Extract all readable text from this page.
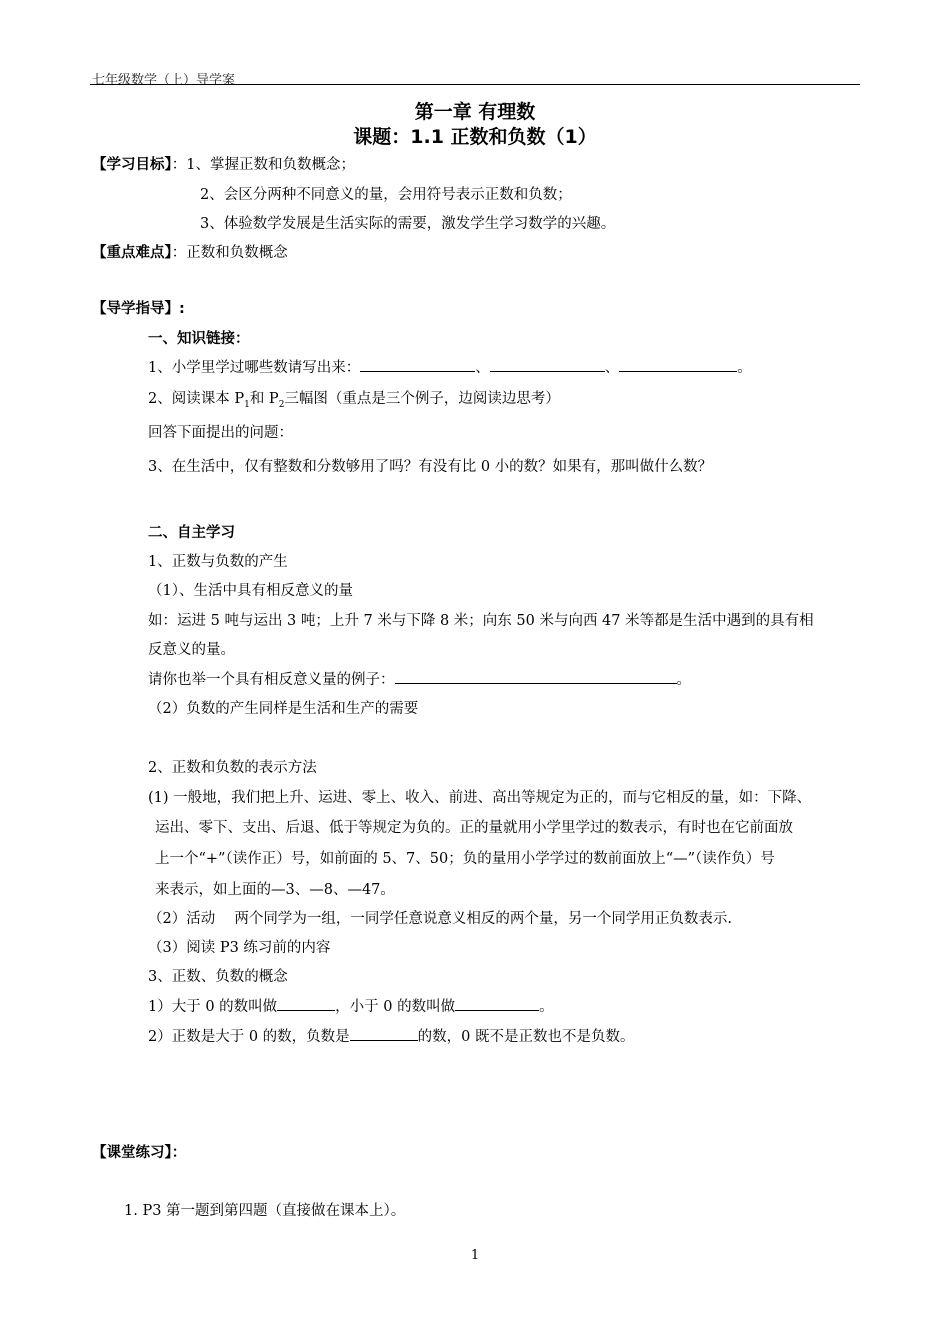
七年级数学（上）导学案
第一章 有理数
课题：1.1 正数和负数（1）
【学习目标】：1、掌握正数和负数概念；
2、会区分两种不同意义的量，会用符号表示正数和负数；
3、体验数学发展是生活实际的需要，激发学生学习数学的兴趣。
【重点难点】：正数和负数概念
【导学指导】:
一、知识链接：
1、小学里学过哪些数请写出来：	、	、	。
2、阅读课本 $P_1$和 $P_2$三幅图（重点是三个例子，边阅读边思考）
回答下面提出的问题：
3、在生活中，仅有整数和分数够用了吗？有没有比 0 小的数？如果有，那叫做什么数？
二、自主学习
1、正数与负数的产生
（1）、生活中具有相反意义的量
如：运进 5 吨与运出 3 吨；上升 7 米与下降 8 米；向东 50 米与向西 47 米等都是生活中遇到的具有相
反意义的量。
请你也举一个具有相反意义量的例子：	。
（2）负数的产生同样是生活和生产的需要
2、正数和负数的表示方法
(1) 一般地，我们把上升、运进、零上、收入、前进、高出等规定为正的，而与它相反的量，如：下降、
运出、零下、支出、后退、低于等规定为负的。正的量就用小学里学过的数表示，有时也在它前面放
上一个“+”（读作正）号，如前面的 5、7、50；负的量用小学学过的数前面放上“—”（读作负）号
来表示，如上面的—3、—8、—47。
（2）活动　 两个同学为一组，一同学任意说意义相反的两个量，另一个同学用正负数表示.
（3）阅读 P3 练习前的内容
3、正数、负数的概念
1）大于 0 的数叫做	，小于 0 的数叫做	。
2）正数是大于 0 的数，负数是	的数，0 既不是正数也不是负数。
【课堂练习】：
1. P3 第一题到第四题（直接做在课本上）。
1
